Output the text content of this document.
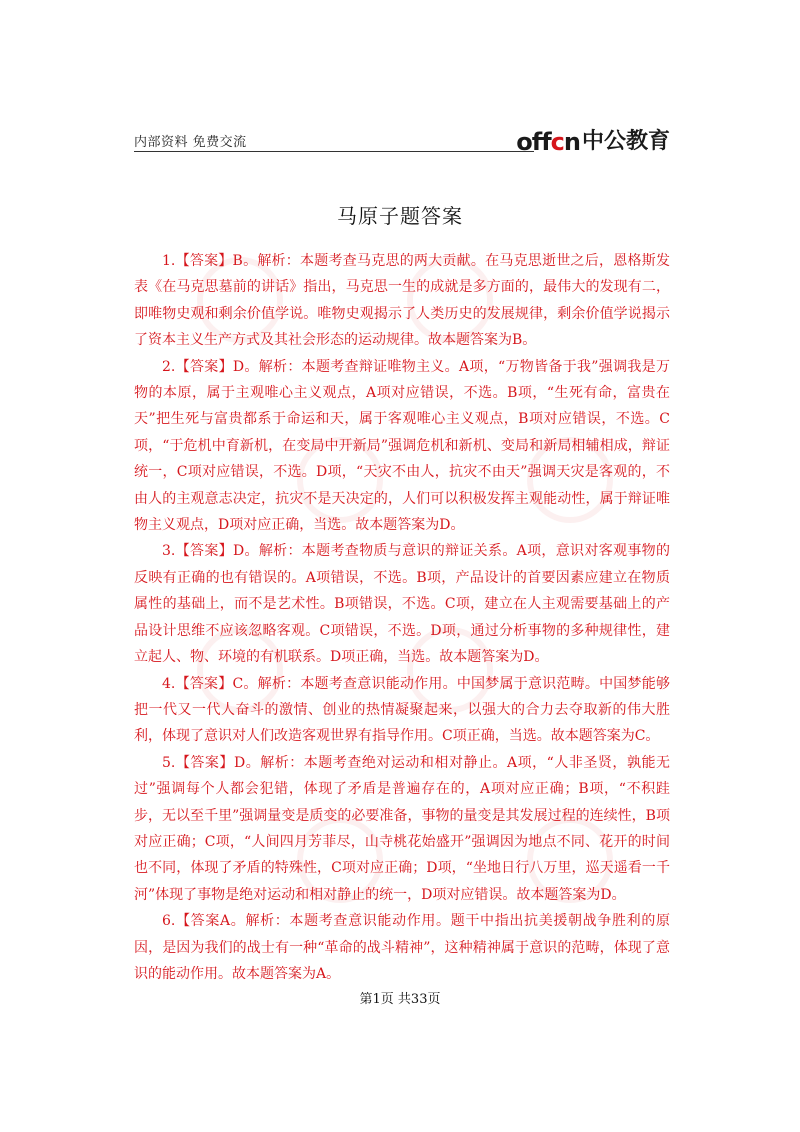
内部资料 免费交流	offcn 中公教育
马原子题答案

1.【答案】B。解析：本题考查马克思的两大贡献。在马克思逝世之后，恩格斯发表《在马克思墓前的讲话》指出，马克思一生的成就是多方面的，最伟大的发现有二，即唯物史观和剩余价值学说。唯物史观揭示了人类历史的发展规律，剩余价值学说揭示了资本主义生产方式及其社会形态的运动规律。故本题答案为B。

2.【答案】D。解析：本题考查辩证唯物主义。A项，“万物皆备于我”强调我是万物的本原，属于主观唯心主义观点，A项对应错误，不选。B项，“生死有命，富贵在天”把生死与富贵都系于命运和天，属于客观唯心主义观点，B项对应错误，不选。C项，“于危机中育新机，在变局中开新局”强调危机和新机、变局和新局相辅相成，辩证统一，C项对应错误，不选。D项，“天灾不由人，抗灾不由天”强调天灾是客观的，不由人的主观意志决定，抗灾不是天决定的，人们可以积极发挥主观能动性，属于辩证唯物主义观点，D项对应正确，当选。故本题答案为D。

3.【答案】D。解析：本题考查物质与意识的辩证关系。A项，意识对客观事物的反映有正确的也有错误的。A项错误，不选。B项，产品设计的首要因素应建立在物质属性的基础上，而不是艺术性。B项错误，不选。C项，建立在人主观需要基础上的产品设计思维不应该忽略客观。C项错误，不选。D项，通过分析事物的多种规律性，建立起人、物、环境的有机联系。D项正确，当选。故本题答案为D。

4.【答案】C。解析：本题考查意识能动作用。中国梦属于意识范畴。中国梦能够把一代又一代人奋斗的激情、创业的热情凝聚起来，以强大的合力去夺取新的伟大胜利，体现了意识对人们改造客观世界有指导作用。C项正确，当选。故本题答案为C。

5.【答案】D。解析：本题考查绝对运动和相对静止。A项，“人非圣贤，孰能无过”强调每个人都会犯错，体现了矛盾是普遍存在的，A项对应正确；B项，“不积跬步，无以至千里”强调量变是质变的必要准备，事物的量变是其发展过程的连续性，B项对应正确；C项，“人间四月芳菲尽，山寺桃花始盛开”强调因为地点不同、花开的时间也不同，体现了矛盾的特殊性，C项对应正确；D项，“坐地日行八万里，巡天遥看一千河”体现了事物是绝对运动和相对静止的统一，D项对应错误。故本题答案为D。

6.【答案A。解析：本题考查意识能动作用。题干中指出抗美援朝战争胜利的原因，是因为我们的战士有一种“革命的战斗精神”，这种精神属于意识的范畴，体现了意识的能动作用。故本题答案为A。

第1页 共33页
